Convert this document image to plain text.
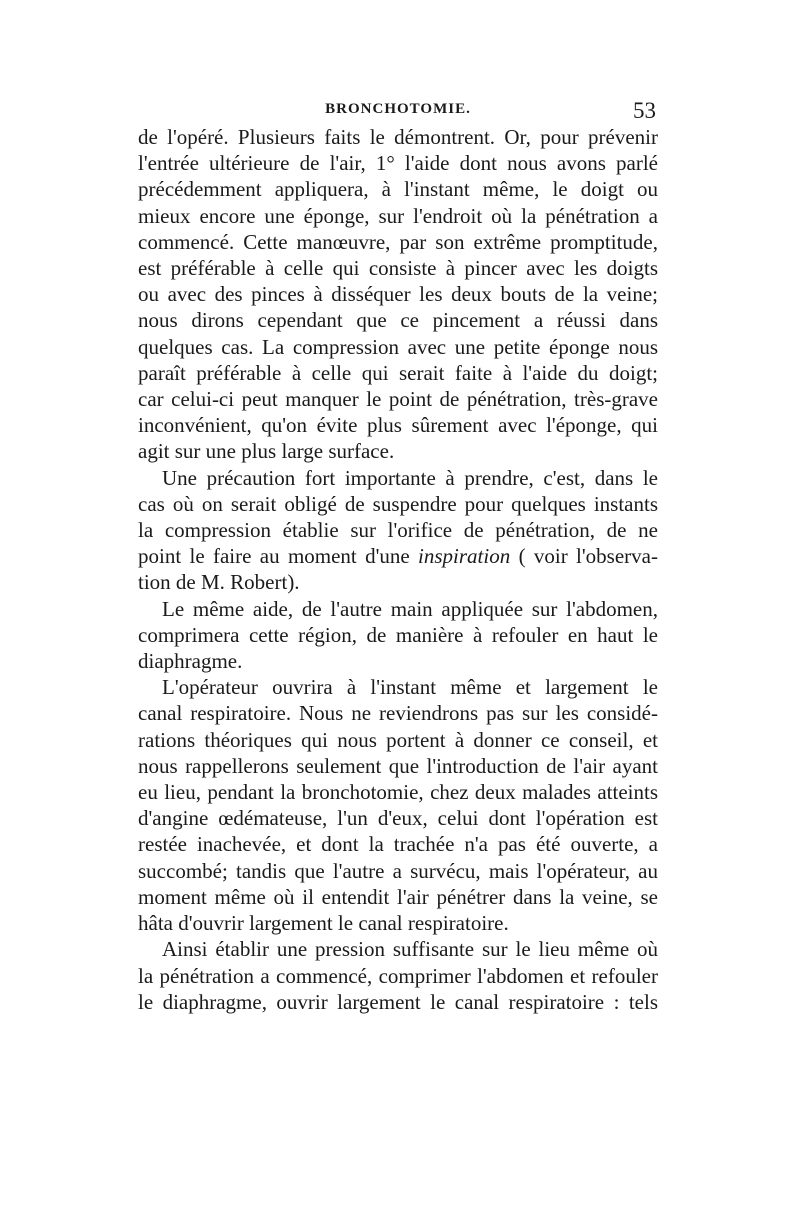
BRONCHOTOMIE.	53

de l'opéré. Plusieurs faits le démontrent. Or, pour prévenir
l'entrée ultérieure de l'air, 1° l'aide dont nous avons parlé
précédemment appliquera, à l'instant même, le doigt ou
mieux encore une éponge, sur l'endroit où la pénétration a
commencé. Cette manœuvre, par son extrême promptitude,
est préférable à celle qui consiste à pincer avec les doigts
ou avec des pinces à disséquer les deux bouts de la veine;
nous dirons cependant que ce pincement a réussi dans
quelques cas. La compression avec une petite éponge nous
paraît préférable à celle qui serait faite à l'aide du doigt;
car celui-ci peut manquer le point de pénétration, très-grave
inconvénient, qu'on évite plus sûrement avec l'éponge, qui
agit sur une plus large surface.

Une précaution fort importante à prendre, c'est, dans le
cas où on serait obligé de suspendre pour quelques instants
la compression établie sur l'orifice de pénétration, de ne
point le faire au moment d'une inspiration ( voir l'observa-
tion de M. Robert).

Le même aide, de l'autre main appliquée sur l'abdomen,
comprimera cette région, de manière à refouler en haut le
diaphragme.

L'opérateur ouvrira à l'instant même et largement le
canal respiratoire. Nous ne reviendrons pas sur les considé-
rations théoriques qui nous portent à donner ce conseil, et
nous rappellerons seulement que l'introduction de l'air ayant
eu lieu, pendant la bronchotomie, chez deux malades atteints
d'angine œdémateuse, l'un d'eux, celui dont l'opération est
restée inachevée, et dont la trachée n'a pas été ouverte, a
succombé; tandis que l'autre a survécu, mais l'opérateur, au
moment même où il entendit l'air pénétrer dans la veine, se
hâta d'ouvrir largement le canal respiratoire.

Ainsi établir une pression suffisante sur le lieu même où
la pénétration a commencé, comprimer l'abdomen et refouler
le diaphragme, ouvrir largement le canal respiratoire : tels
